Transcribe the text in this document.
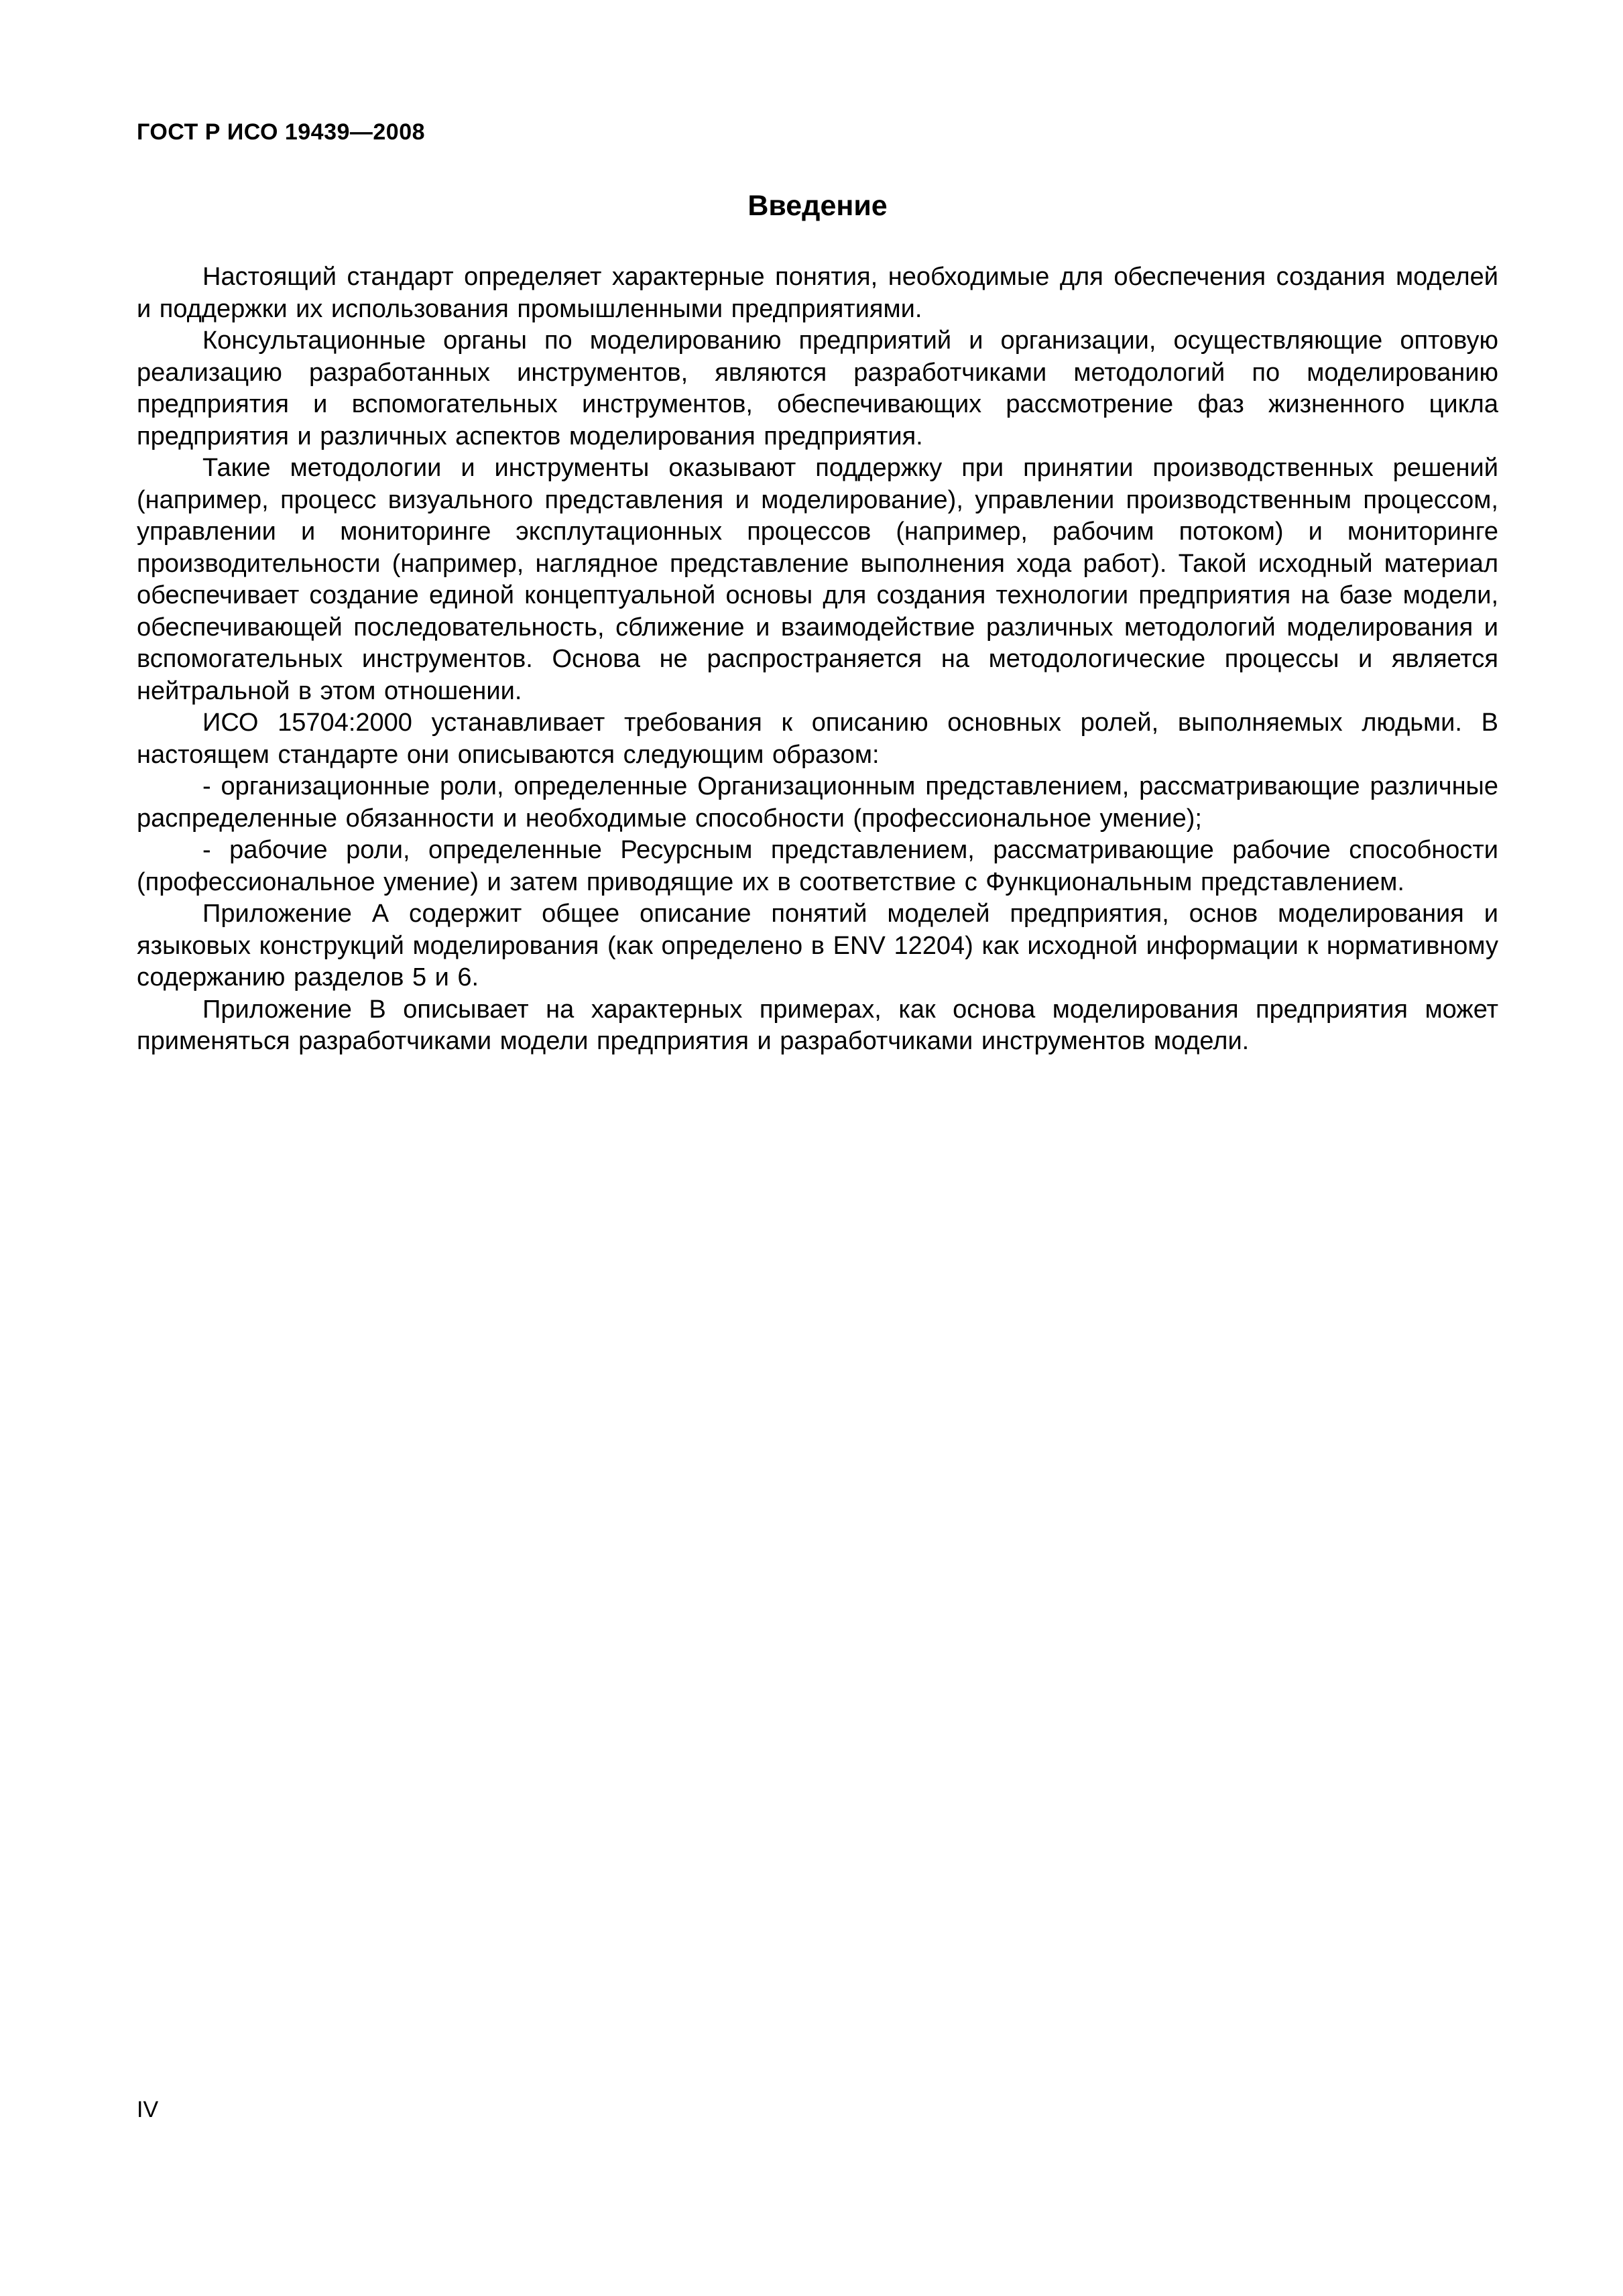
ГОСТ Р ИСО 19439—2008
Введение

Настоящий стандарт определяет характерные понятия, необходимые для обеспечения создания моделей и поддержки их использования промышленными предприятиями.

Консультационные органы по моделированию предприятий и организации, осуществляющие оптовую реализацию разработанных инструментов, являются разработчиками методологий по моделированию предприятия и вспомогательных инструментов, обеспечивающих рассмотрение фаз жизненного цикла предприятия и различных аспектов моделирования предприятия.

Такие методологии и инструменты оказывают поддержку при принятии производственных решений (например, процесс визуального представления и моделирование), управлении производственным процессом, управлении и мониторинге эксплутационных процессов (например, рабочим потоком) и мониторинге производительности (например, наглядное представление выполнения хода работ). Такой исходный материал обеспечивает создание единой концептуальной основы для создания технологии предприятия на базе модели, обеспечивающей последовательность, сближение и взаимодействие различных методологий моделирования и вспомогательных инструментов. Основа не распространяется на методологические процессы и является нейтральной в этом отношении.

ИСО 15704:2000 устанавливает требования к описанию основных ролей, выполняемых людьми. В настоящем стандарте они описываются следующим образом:

- организационные роли, определенные Организационным представлением, рассматривающие различные распределенные обязанности и необходимые способности (профессиональное умение);

- рабочие роли, определенные Ресурсным представлением, рассматривающие рабочие способности (профессиональное умение) и затем приводящие их в соответствие с Функциональным представлением.

Приложение А содержит общее описание понятий моделей предприятия, основ моделирования и языковых конструкций моделирования (как определено в ENV 12204) как исходной информации к нормативному содержанию разделов 5 и 6.

Приложение В описывает на характерных примерах, как основа моделирования предприятия может применяться разработчиками модели предприятия и разработчиками инструментов модели.

IV
